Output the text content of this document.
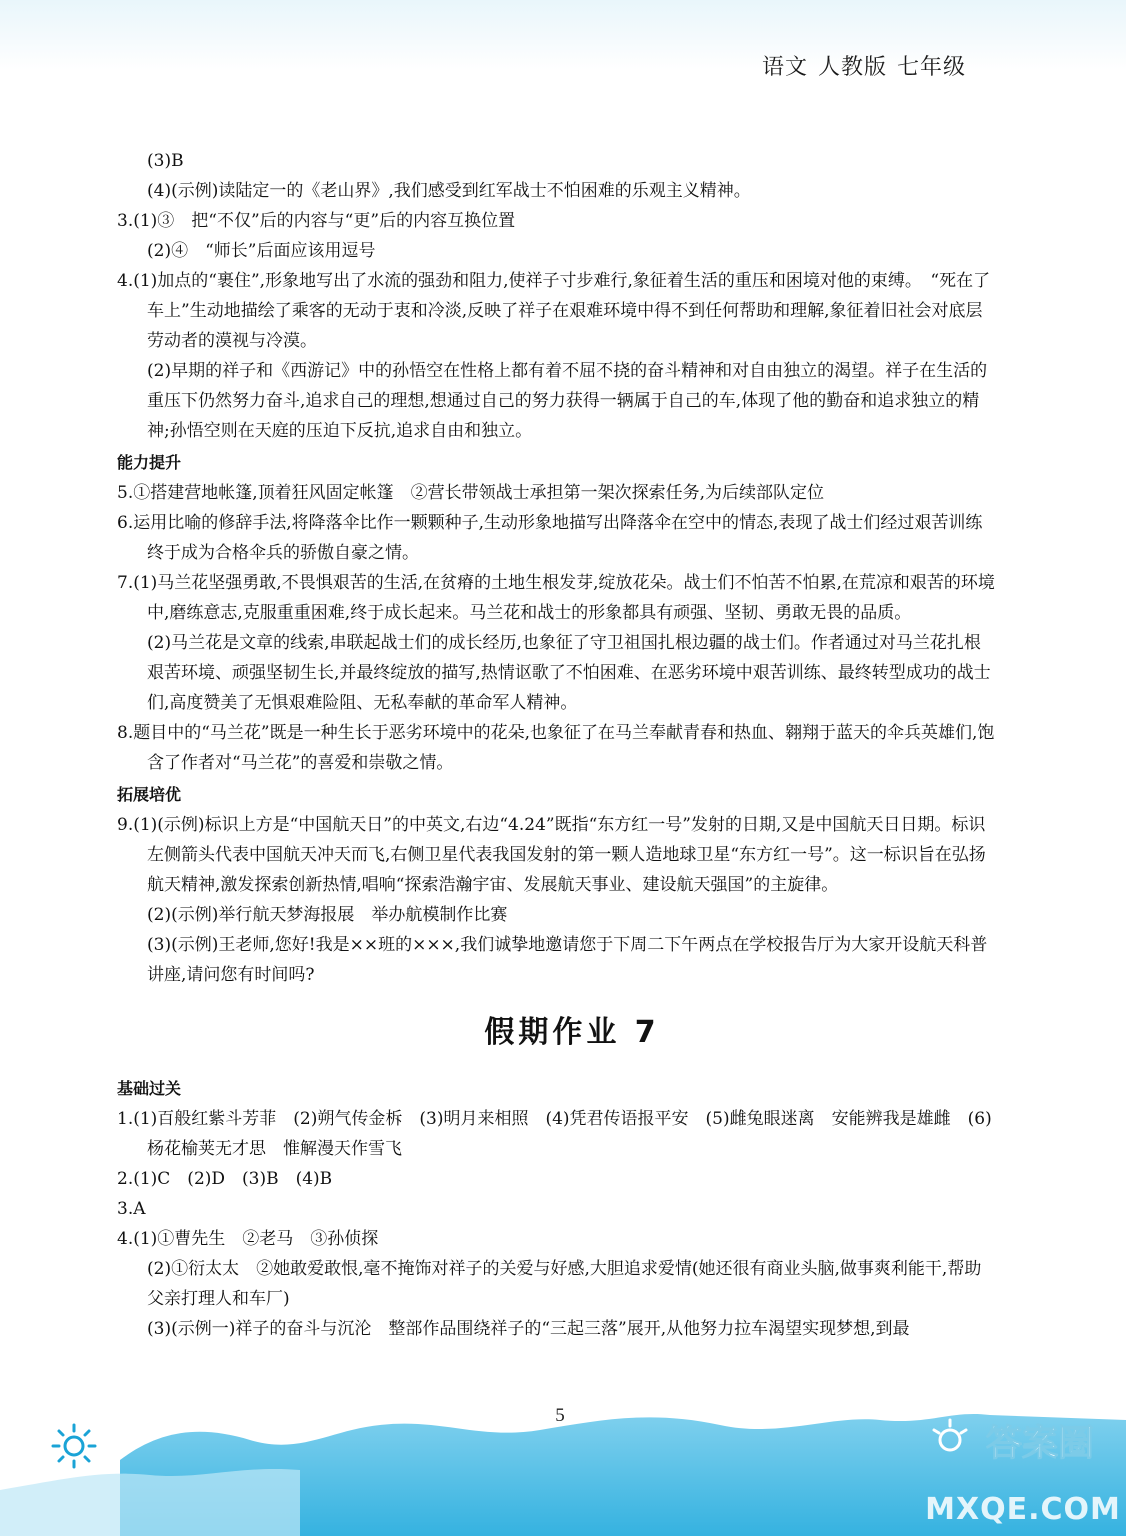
语文 人教版 七年级

(3)B

(4)(示例)读陆定一的《老山界》,我们感受到红军战士不怕困难的乐观主义精神。

3.(1)③　把“不仅”后的内容与“更”后的内容互换位置

(2)④　“师长”后面应该用逗号

4.(1)加点的“裹住”,形象地写出了水流的强劲和阻力,使祥子寸步难行,象征着生活的重压和困境对他的束缚。　“死在了车上”生动地描绘了乘客的无动于衷和冷淡,反映了祥子在艰难环境中得不到任何帮助和理解,象征着旧社会对底层劳动者的漠视与冷漠。

(2)早期的祥子和《西游记》中的孙悟空在性格上都有着不屈不挠的奋斗精神和对自由独立的渴望。祥子在生活的重压下仍然努力奋斗,追求自己的理想,想通过自己的努力获得一辆属于自己的车,体现了他的勤奋和追求独立的精神;孙悟空则在天庭的压迫下反抗,追求自由和独立。

能力提升

5.①搭建营地帐篷,顶着狂风固定帐篷　②营长带领战士承担第一架次探索任务,为后续部队定位

6.运用比喻的修辞手法,将降落伞比作一颗颗种子,生动形象地描写出降落伞在空中的情态,表现了战士们经过艰苦训练终于成为合格伞兵的骄傲自豪之情。

7.(1)马兰花坚强勇敢,不畏惧艰苦的生活,在贫瘠的土地生根发芽,绽放花朵。战士们不怕苦不怕累,在荒凉和艰苦的环境中,磨练意志,克服重重困难,终于成长起来。马兰花和战士的形象都具有顽强、坚韧、勇敢无畏的品质。

(2)马兰花是文章的线索,串联起战士们的成长经历,也象征了守卫祖国扎根边疆的战士们。作者通过对马兰花扎根艰苦环境、顽强坚韧生长,并最终绽放的描写,热情讴歌了不怕困难、在恶劣环境中艰苦训练、最终转型成功的战士们,高度赞美了无惧艰难险阻、无私奉献的革命军人精神。

8.题目中的“马兰花”既是一种生长于恶劣环境中的花朵,也象征了在马兰奉献青春和热血、翱翔于蓝天的伞兵英雄们,饱含了作者对“马兰花”的喜爱和崇敬之情。

拓展培优

9.(1)(示例)标识上方是“中国航天日”的中英文,右边“4.24”既指“东方红一号”发射的日期,又是中国航天日日期。标识左侧箭头代表中国航天冲天而飞,右侧卫星代表我国发射的第一颗人造地球卫星“东方红一号”。这一标识旨在弘扬航天精神,激发探索创新热情,唱响“探索浩瀚宇宙、发展航天事业、建设航天强国”的主旋律。

(2)(示例)举行航天梦海报展　举办航模制作比赛

(3)(示例)王老师,您好!我是××班的×××,我们诚挚地邀请您于下周二下午两点在学校报告厅为大家开设航天科普讲座,请问您有时间吗?

假期作业 7

基础过关

1.(1)百般红紫斗芳菲　(2)朔气传金柝　(3)明月来相照　(4)凭君传语报平安　(5)雌兔眼迷离　安能辨我是雄雌　(6)杨花榆荚无才思　惟解漫天作雪飞

2.(1)C　(2)D　(3)B　(4)B

3.A

4.(1)①曹先生　②老马　③孙侦探

(2)①衍太太　②她敢爱敢恨,毫不掩饰对祥子的关爱与好感,大胆追求爱情(她还很有商业头脑,做事爽利能干,帮助父亲打理人和车厂)

(3)(示例一)祥子的奋斗与沉沦　整部作品围绕祥子的“三起三落”展开,从他努力拉车渴望实现梦想,到最

5
答案圈
MXQE.COM
